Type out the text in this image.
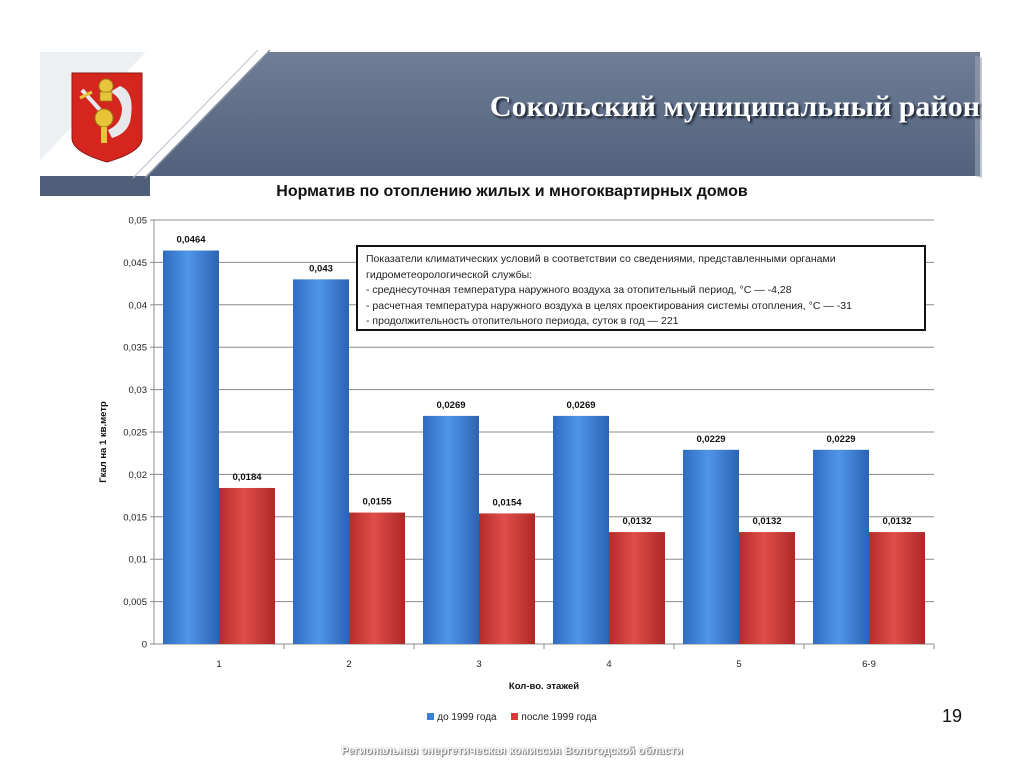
Сокольский муниципальный район
Норматив по отоплению жилых и многоквартирных домов
0
0,005
0,01
0,015
0,02
0,025
0,03
0,035
0,04
0,045
0,05
1
0,0464
0,0184
2
0,043
0,0155
3
0,0269
0,0154
4
0,0269
0,0132
5
0,0229
0,0132
6-9
0,0229
0,0132
Кол-во. этажей
Гкал на 1 кв.метр
Показатели климатических условий в соответствии со сведениями, представленными органами
гидрометеорологической службы:
- среднесуточная температура наружного воздуха за отопительный период, °С — -4,28
- расчетная температура наружного воздуха в целях проектирования системы отопления, °С — -31
- продолжительность отопительного периода, суток в год — 221
до 1999 года после 1999 года	19
Региональная энергетическая комиссия Вологодской области
